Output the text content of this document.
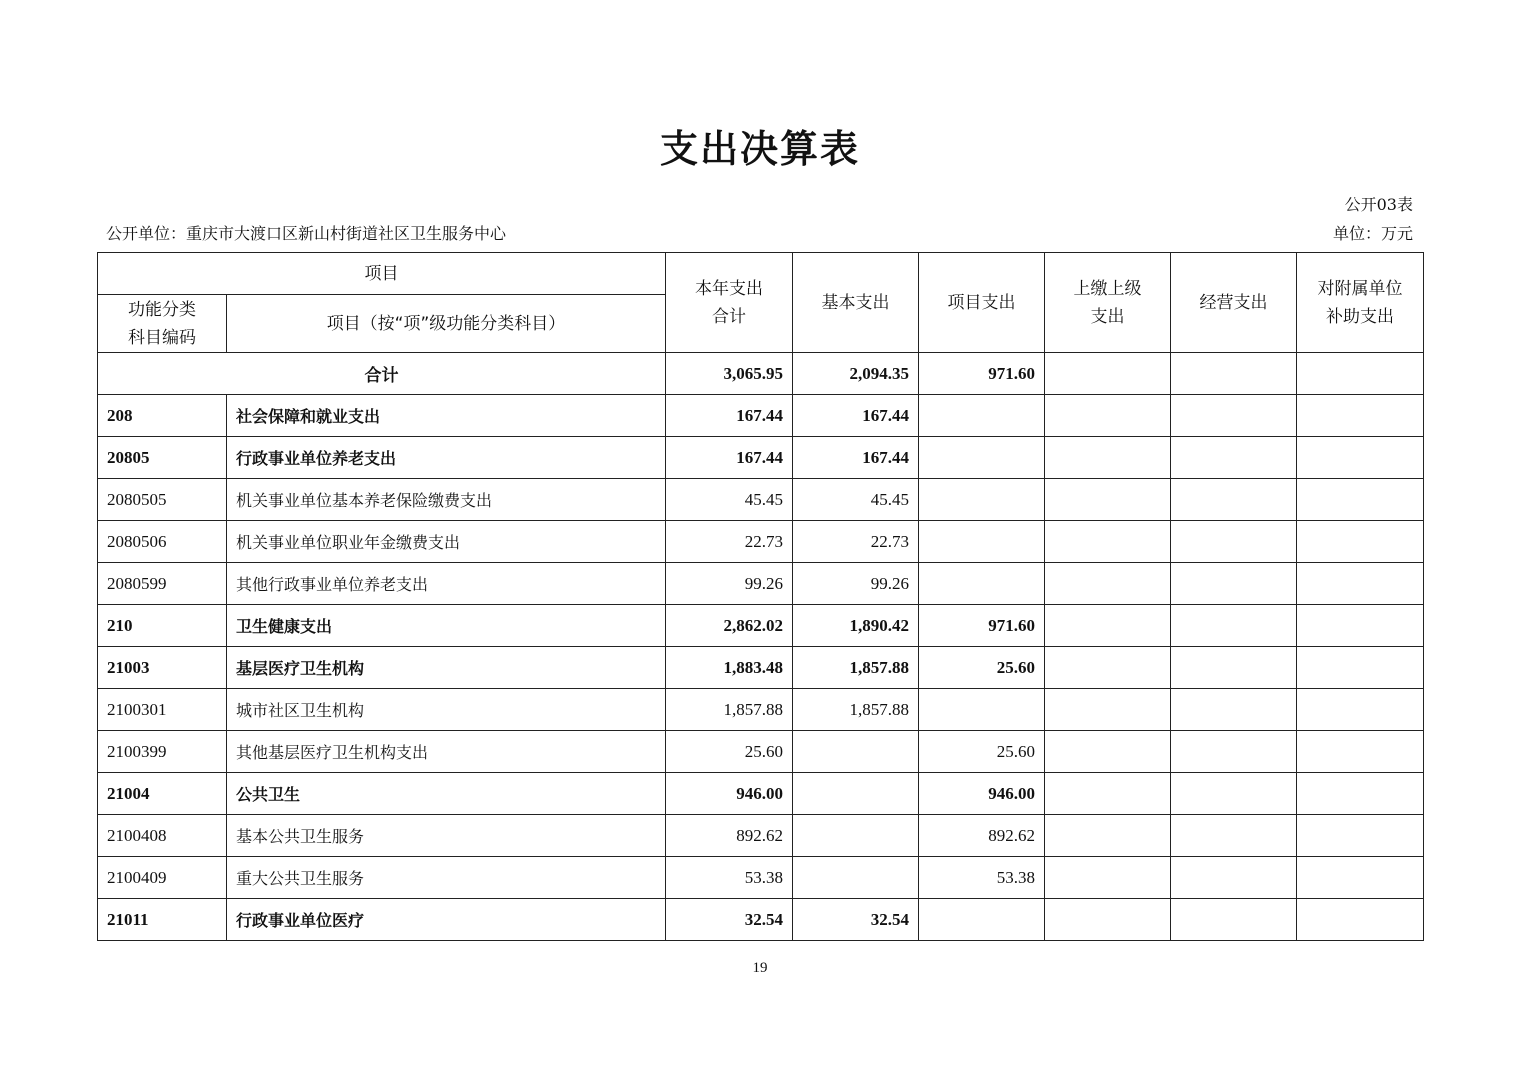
支出决算表
公开03表
公开单位：重庆市大渡口区新山村街道社区卫生服务中心	单位：万元
项目		本年支出合计	基本支出	项目支出	上缴上级支出	经营支出	对附属单位补助支出

功能分类科目编码	项目（按“项”级功能分类科目）						

合计		3,065.95	2,094.35	971.60			
208	社会保障和就业支出	167.44	167.44				
20805	行政事业单位养老支出	167.44	167.44				
2080505	机关事业单位基本养老保险缴费支出	45.45	45.45				
2080506	机关事业单位职业年金缴费支出	22.73	22.73				
2080599	其他行政事业单位养老支出	99.26	99.26				
210	卫生健康支出	2,862.02	1,890.42	971.60			
21003	基层医疗卫生机构	1,883.48	1,857.88	25.60			
2100301	城市社区卫生机构	1,857.88	1,857.88				
2100399	其他基层医疗卫生机构支出	25.60		25.60			
21004	公共卫生	946.00		946.00			
2100408	基本公共卫生服务	892.62		892.62			
2100409	重大公共卫生服务	53.38		53.38			
21011	行政事业单位医疗	32.54	32.54				
19
